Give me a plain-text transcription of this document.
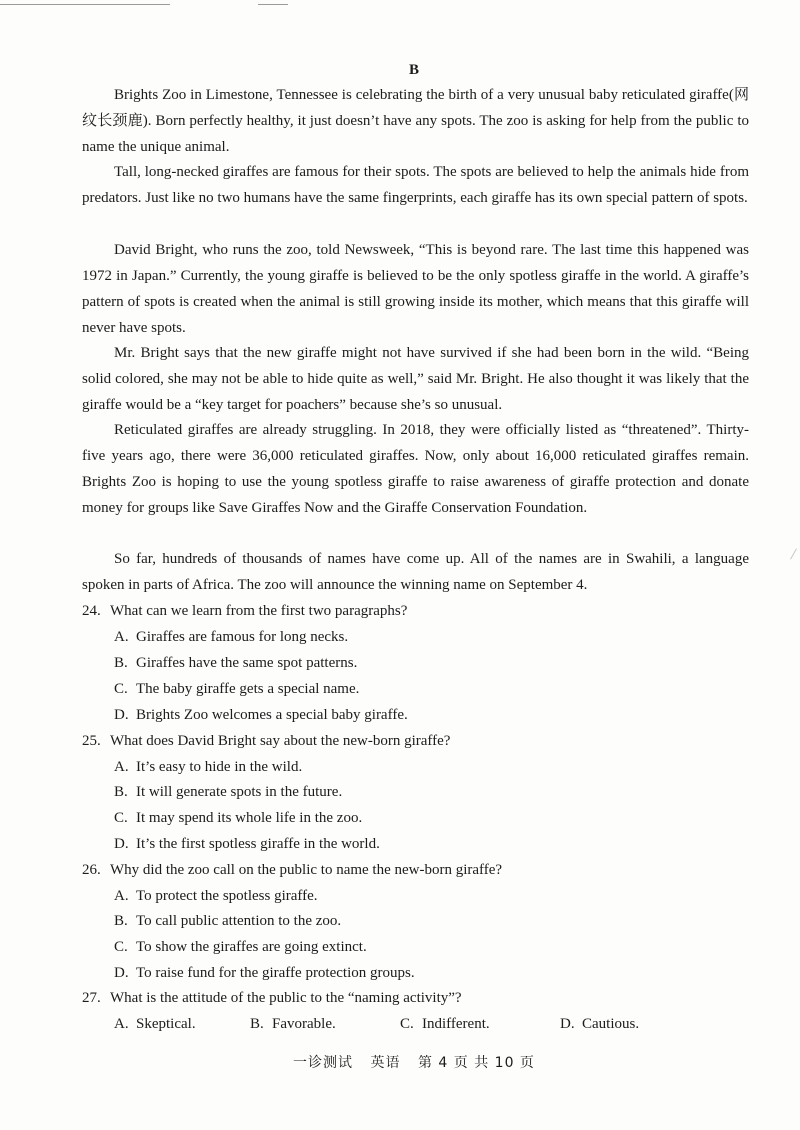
B

Brights Zoo in Limestone, Tennessee is celebrating the birth of a very unusual baby reticulated giraffe(网纹长颈鹿). Born perfectly healthy, it just doesn’t have any spots. The zoo is asking for help from the public to name the unique animal.

Tall, long-necked giraffes are famous for their spots. The spots are believed to help the animals hide from predators. Just like no two humans have the same fingerprints, each giraffe has its own special pattern of spots.

David Bright, who runs the zoo, told Newsweek, “This is beyond rare. The last time this happened was 1972 in Japan.” Currently, the young giraffe is believed to be the only spotless giraffe in the world. A giraffe’s pattern of spots is created when the animal is still growing inside its mother, which means that this giraffe will never have spots.

Mr. Bright says that the new giraffe might not have survived if she had been born in the wild. “Being solid colored, she may not be able to hide quite as well,” said Mr. Bright. He also thought it was likely that the giraffe would be a “key target for poachers” because she’s so unusual.

Reticulated giraffes are already struggling. In 2018, they were officially listed as “threatened”. Thirty-five years ago, there were 36,000 reticulated giraffes. Now, only about 16,000 reticulated giraffes remain. Brights Zoo is hoping to use the young spotless giraffe to raise awareness of giraffe protection and donate money for groups like Save Giraffes Now and the Giraffe Conservation Foundation.

So far, hundreds of thousands of names have come up. All of the names are in Swahili, a language spoken in parts of Africa. The zoo will announce the winning name on September 4.

24. What can we learn from the first two paragraphs?
A. Giraffes are famous for long necks.
B. Giraffes have the same spot patterns.
C. The baby giraffe gets a special name.
D. Brights Zoo welcomes a special baby giraffe.
25. What does David Bright say about the new-born giraffe?
A. It’s easy to hide in the wild.
B. It will generate spots in the future.
C. It may spend its whole life in the zoo.
D. It’s the first spotless giraffe in the world.
26. Why did the zoo call on the public to name the new-born giraffe?
A. To protect the spotless giraffe.
B. To call public attention to the zoo.
C. To show the giraffes are going extinct.
D. To raise fund for the giraffe protection groups.
27. What is the attitude of the public to the “naming activity”?
A. Skeptical.	B. Favorable.	C. Indifferent.	D. Cautious.
一诊测试 英语 第 4 页 共 10 页
